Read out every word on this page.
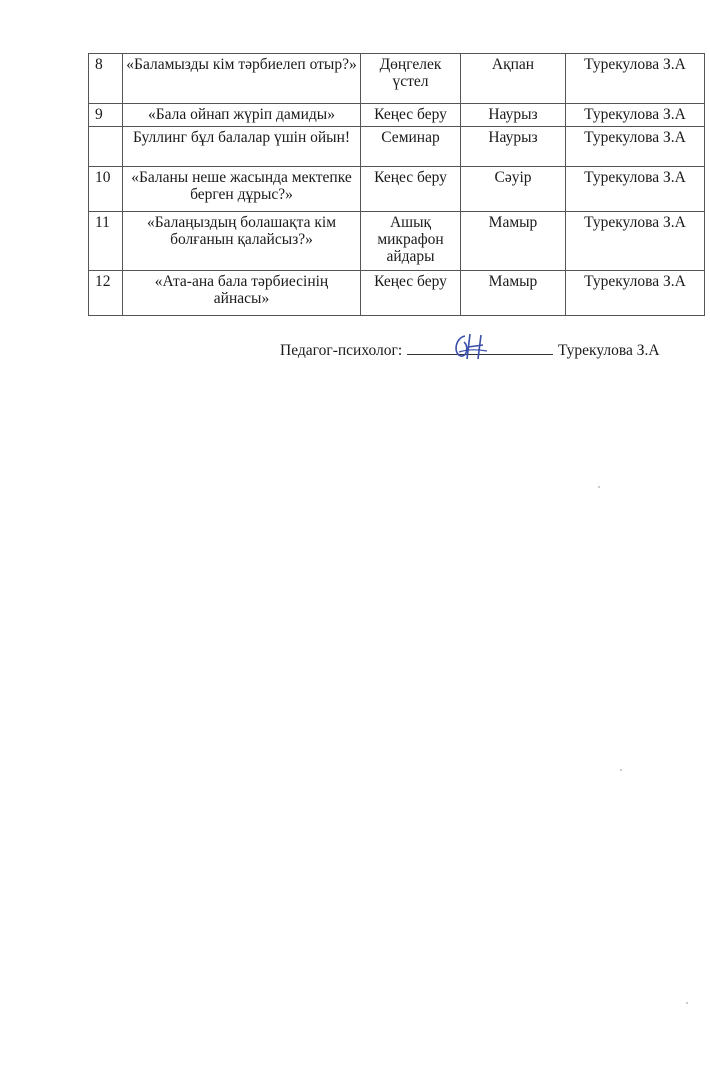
8	«Баламызды кім тәрбиелеп отыр?»	Дөңгелек үстел	Ақпан	Турекулова З.А
9	«Бала ойнап жүріп дамиды»	Кеңес беру	Наурыз	Турекулова З.А
	Буллинг бұл балалар үшін ойын!	Семинар	Наурыз	Турекулова З.А
10	«Баланы неше жасында мектепке берген дұрыс?»	Кеңес беру	Сәуір	Турекулова З.А
11	«Балаңыздың болашақта кім болғанын қалайсыз?»	Ашық микрафон айдары	Мамыр	Турекулова З.А
12	«Ата-ана бала тәрбиесінің айнасы»	Кеңес беру	Мамыр	Турекулова З.А
Педагог-психолог:	Турекулова З.А
